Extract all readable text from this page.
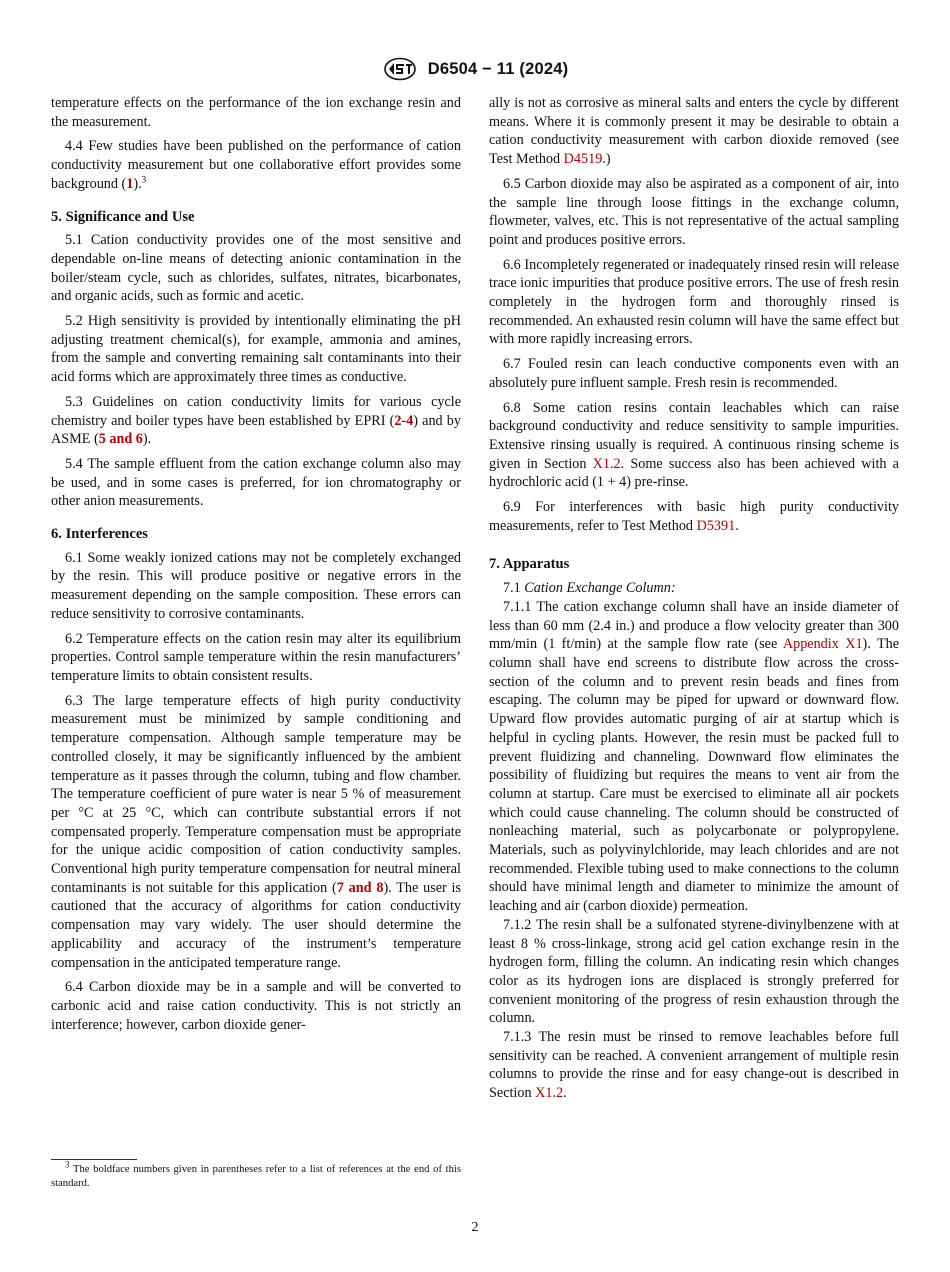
D6504 − 11 (2024)

temperature effects on the performance of the ion exchange resin and the measurement.

4.4 Few studies have been published on the performance of cation conductivity measurement but one collaborative effort provides some background (1).$^3$

5. Significance and Use

5.1 Cation conductivity provides one of the most sensitive and dependable on-line means of detecting anionic contamination in the boiler/steam cycle, such as chlorides, sulfates, nitrates, bicarbonates, and organic acids, such as formic and acetic.

5.2 High sensitivity is provided by intentionally eliminating the pH adjusting treatment chemical(s), for example, ammonia and amines, from the sample and converting remaining salt contaminants into their acid forms which are approximately three times as conductive.

5.3 Guidelines on cation conductivity limits for various cycle chemistry and boiler types have been established by EPRI (2-4) and by ASME (5 and 6).

5.4 The sample effluent from the cation exchange column also may be used, and in some cases is preferred, for ion chromatography or other anion measurements.

6. Interferences

6.1 Some weakly ionized cations may not be completely exchanged by the resin. This will produce positive or negative errors in the measurement depending on the sample composition. These errors can reduce sensitivity to corrosive contaminants.

6.2 Temperature effects on the cation resin may alter its equilibrium properties. Control sample temperature within the resin manufacturers’ temperature limits to obtain consistent results.

6.3 The large temperature effects of high purity conductivity measurement must be minimized by sample conditioning and temperature compensation. Although sample temperature may be controlled closely, it may be significantly influenced by the ambient temperature as it passes through the column, tubing and flow chamber. The temperature coefficient of pure water is near 5 % of measurement per °C at 25 °C, which can contribute substantial errors if not compensated properly. Temperature compensation must be appropriate for the unique acidic composition of cation conductivity samples. Conventional high purity temperature compensation for neutral mineral contaminants is not suitable for this application (7 and 8). The user is cautioned that the accuracy of algorithms for cation conductivity compensation may vary widely. The user should determine the applicability and accuracy of the instrument’s temperature compensation in the anticipated temperature range.

6.4 Carbon dioxide may be in a sample and will be converted to carbonic acid and raise cation conductivity. This is not strictly an interference; however, carbon dioxide gener-

ally is not as corrosive as mineral salts and enters the cycle by different means. Where it is commonly present it may be desirable to obtain a cation conductivity measurement with carbon dioxide removed (see Test Method D4519.)

6.5 Carbon dioxide may also be aspirated as a component of air, into the sample line through loose fittings in the exchange column, flowmeter, valves, etc. This is not representative of the actual sampling point and produces positive errors.

6.6 Incompletely regenerated or inadequately rinsed resin will release trace ionic impurities that produce positive errors. The use of fresh resin completely in the hydrogen form and thoroughly rinsed is recommended. An exhausted resin column will have the same effect but with more rapidly increasing errors.

6.7 Fouled resin can leach conductive components even with an absolutely pure influent sample. Fresh resin is recommended.

6.8 Some cation resins contain leachables which can raise background conductivity and reduce sensitivity to sample impurities. Extensive rinsing usually is required. A continuous rinsing scheme is given in Section X1.2. Some success also has been achieved with a hydrochloric acid (1 + 4) pre-rinse.

6.9 For interferences with basic high purity conductivity measurements, refer to Test Method D5391.

7. Apparatus

7.1 Cation Exchange Column:

7.1.1 The cation exchange column shall have an inside diameter of less than 60 mm (2.4 in.) and produce a flow velocity greater than 300 mm/min (1 ft/min) at the sample flow rate (see Appendix X1). The column shall have end screens to distribute flow across the cross-section of the column and to prevent resin beads and fines from escaping. The column may be piped for upward or downward flow. Upward flow provides automatic purging of air at startup which is helpful in cycling plants. However, the resin must be packed full to prevent fluidizing and channeling. Downward flow eliminates the possibility of fluidizing but requires the means to vent air from the column at startup. Care must be exercised to eliminate all air pockets which could cause channeling. The column should be constructed of nonleaching material, such as polycarbonate or polypropylene. Materials, such as polyvinylchloride, may leach chlorides and are not recommended. Flexible tubing used to make connections to the column should have minimal length and diameter to minimize the amount of leaching and air (carbon dioxide) permeation.

7.1.2 The resin shall be a sulfonated styrene-divinylbenzene with at least 8 % cross-linkage, strong acid gel cation exchange resin in the hydrogen form, filling the column. An indicating resin which changes color as its hydrogen ions are displaced is strongly preferred for convenient monitoring of the progress of resin exhaustion through the column.

7.1.3 The resin must be rinsed to remove leachables before full sensitivity can be reached. A convenient arrangement of multiple resin columns to provide the rinse and for easy change-out is described in Section X1.2.

$^3$ The boldface numbers given in parentheses refer to a list of references at the end of this standard.

2
